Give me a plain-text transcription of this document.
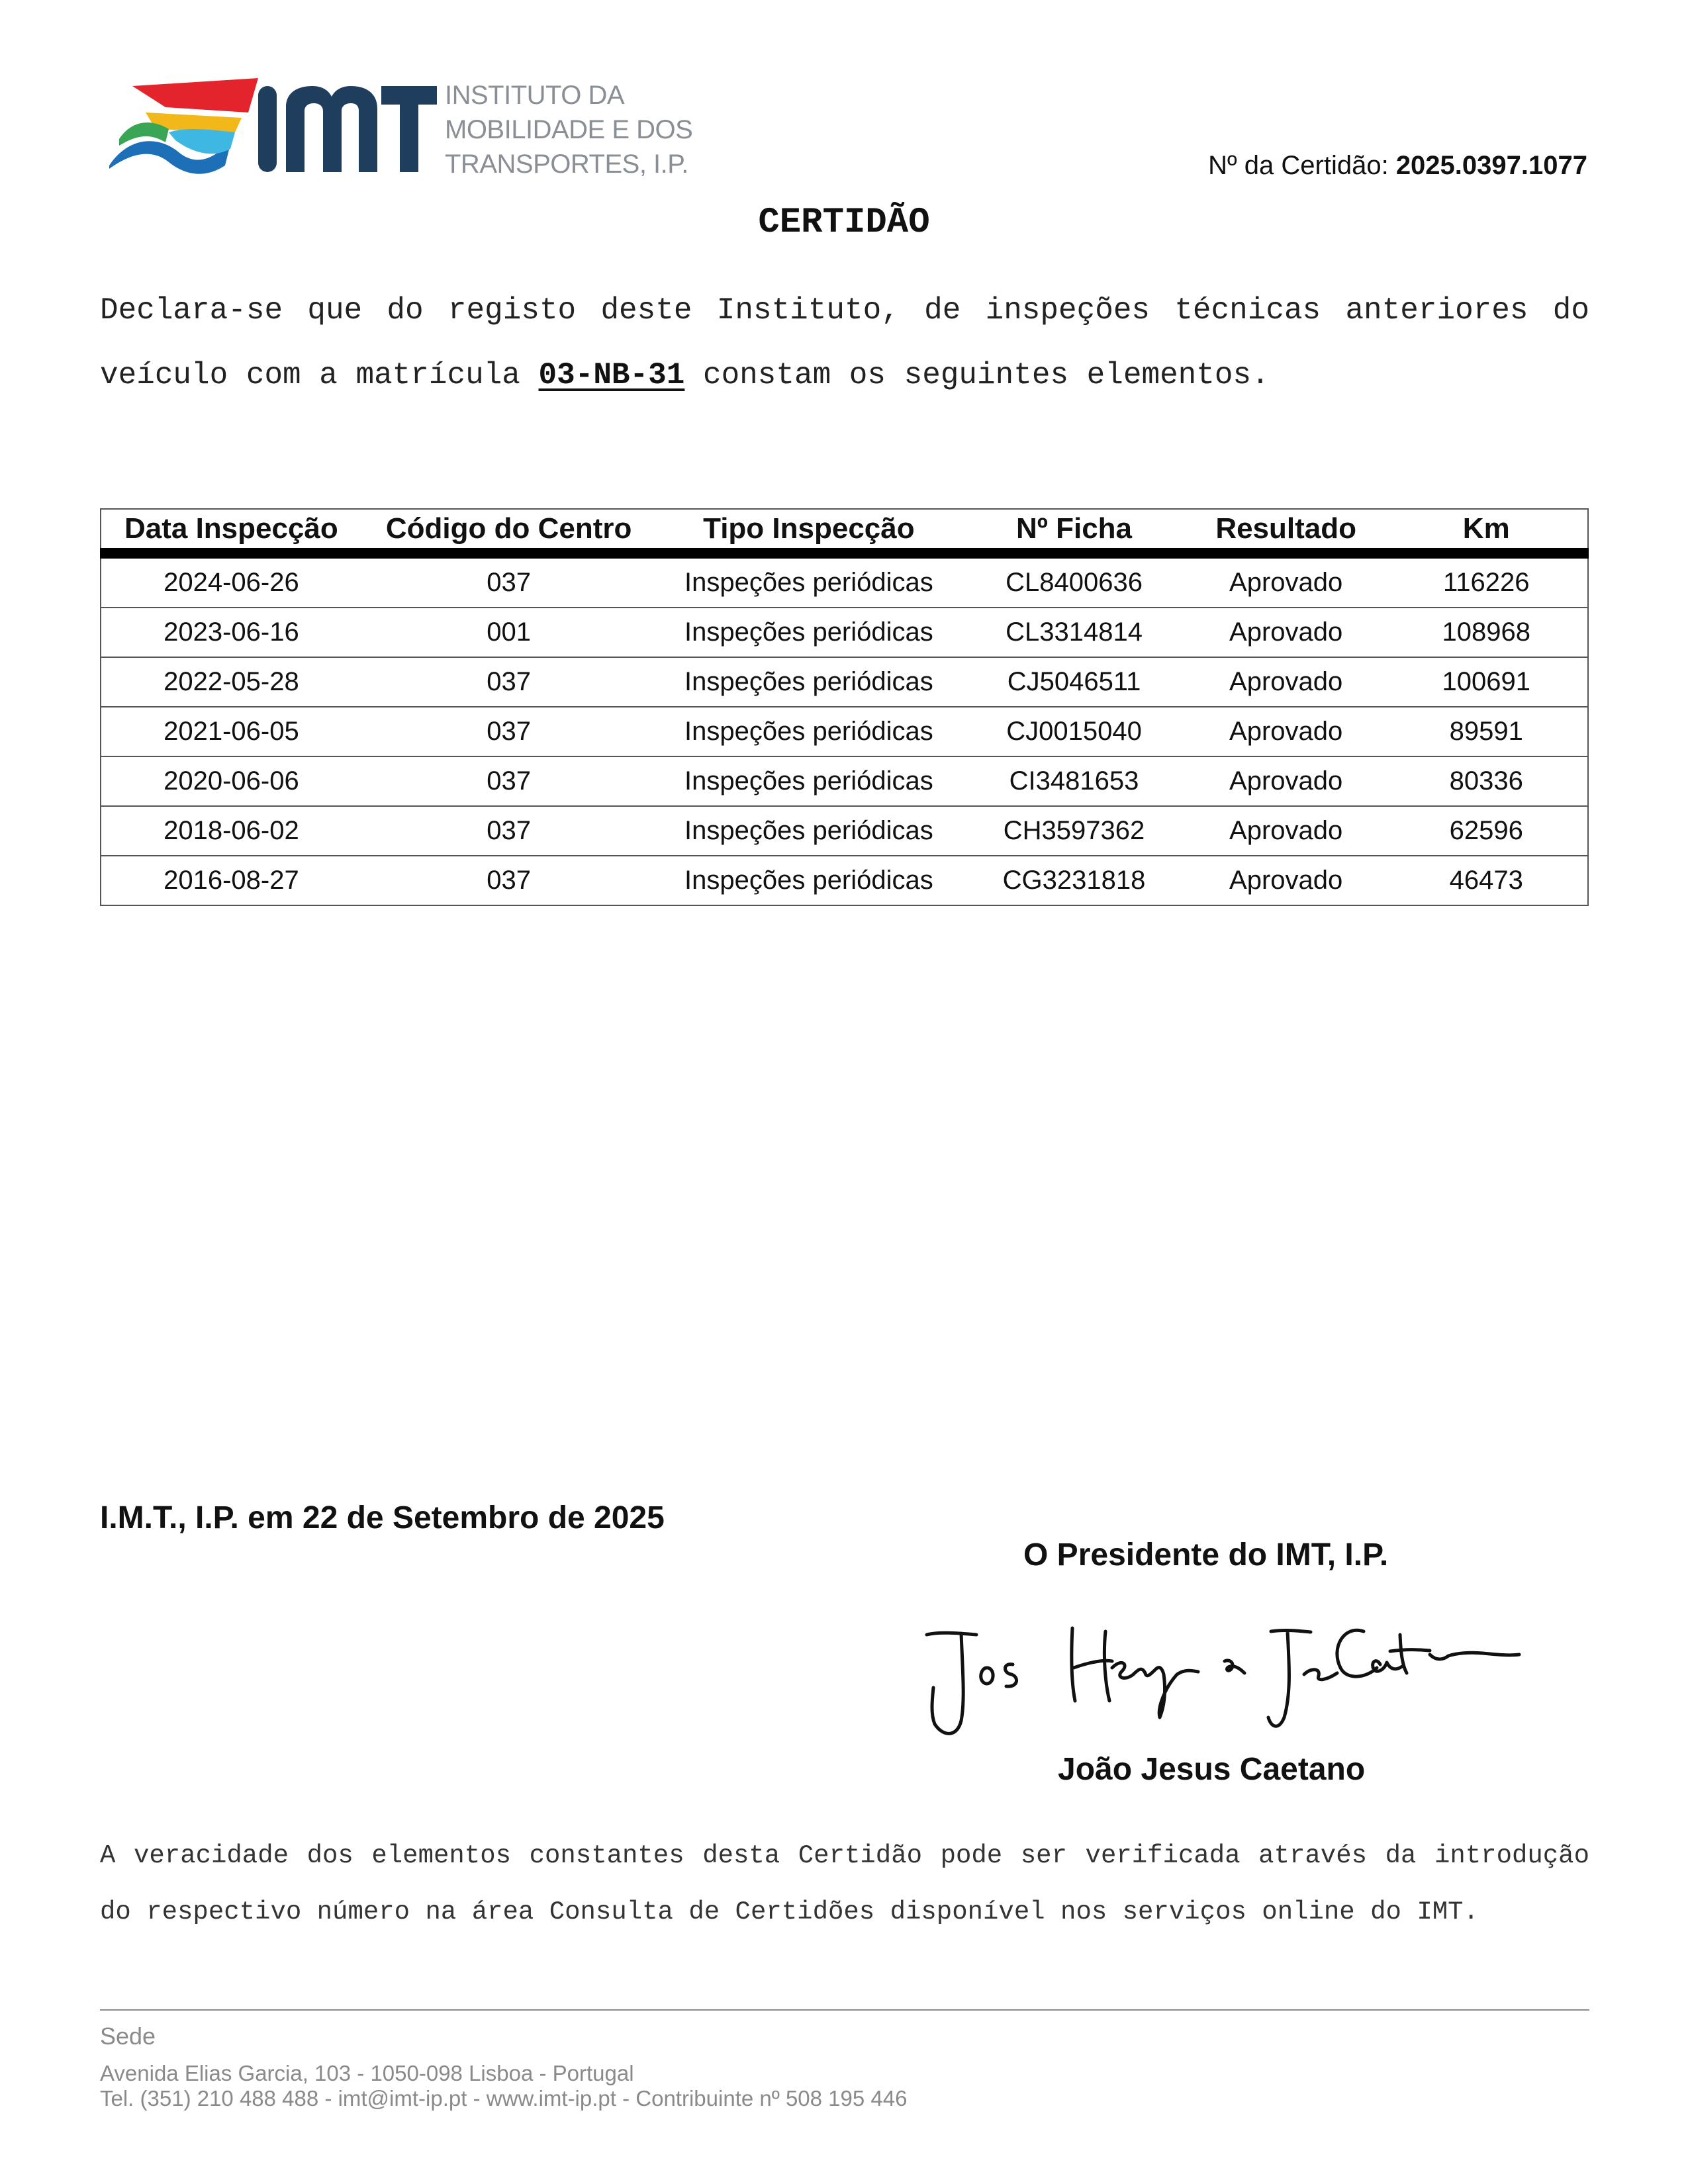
INSTITUTO DA
MOBILIDADE E DOS
TRANSPORTES, I.P.	Nº da Certidão: 2025.0397.1077
CERTIDÃO
Declara-se que do registo deste Instituto, de inspeções técnicas anteriores do veículo com a matrícula 03-NB-31 constam os seguintes elementos.
Data Inspecção	Código do Centro	Tipo Inspecção	Nº Ficha	Resultado	Km
2024-06-26	037	Inspeções periódicas	CL8400636	Aprovado	116226
2023-06-16	001	Inspeções periódicas	CL3314814	Aprovado	108968
2022-05-28	037	Inspeções periódicas	CJ5046511	Aprovado	100691
2021-06-05	037	Inspeções periódicas	CJ0015040	Aprovado	89591
2020-06-06	037	Inspeções periódicas	CI3481653	Aprovado	80336
2018-06-02	037	Inspeções periódicas	CH3597362	Aprovado	62596
2016-08-27	037	Inspeções periódicas	CG3231818	Aprovado	46473
I.M.T., I.P. em 22 de Setembro de 2025
O Presidente do IMT, I.P.
João Jesus Caetano
A veracidade dos elementos constantes desta Certidão pode ser verificada através da introdução do respectivo número na área Consulta de Certidões disponível nos serviços online do IMT.
Sede
Avenida Elias Garcia, 103 - 1050-098 Lisboa - Portugal
Tel. (351) 210 488 488 - imt@imt-ip.pt - www.imt-ip.pt - Contribuinte nº 508 195 446
